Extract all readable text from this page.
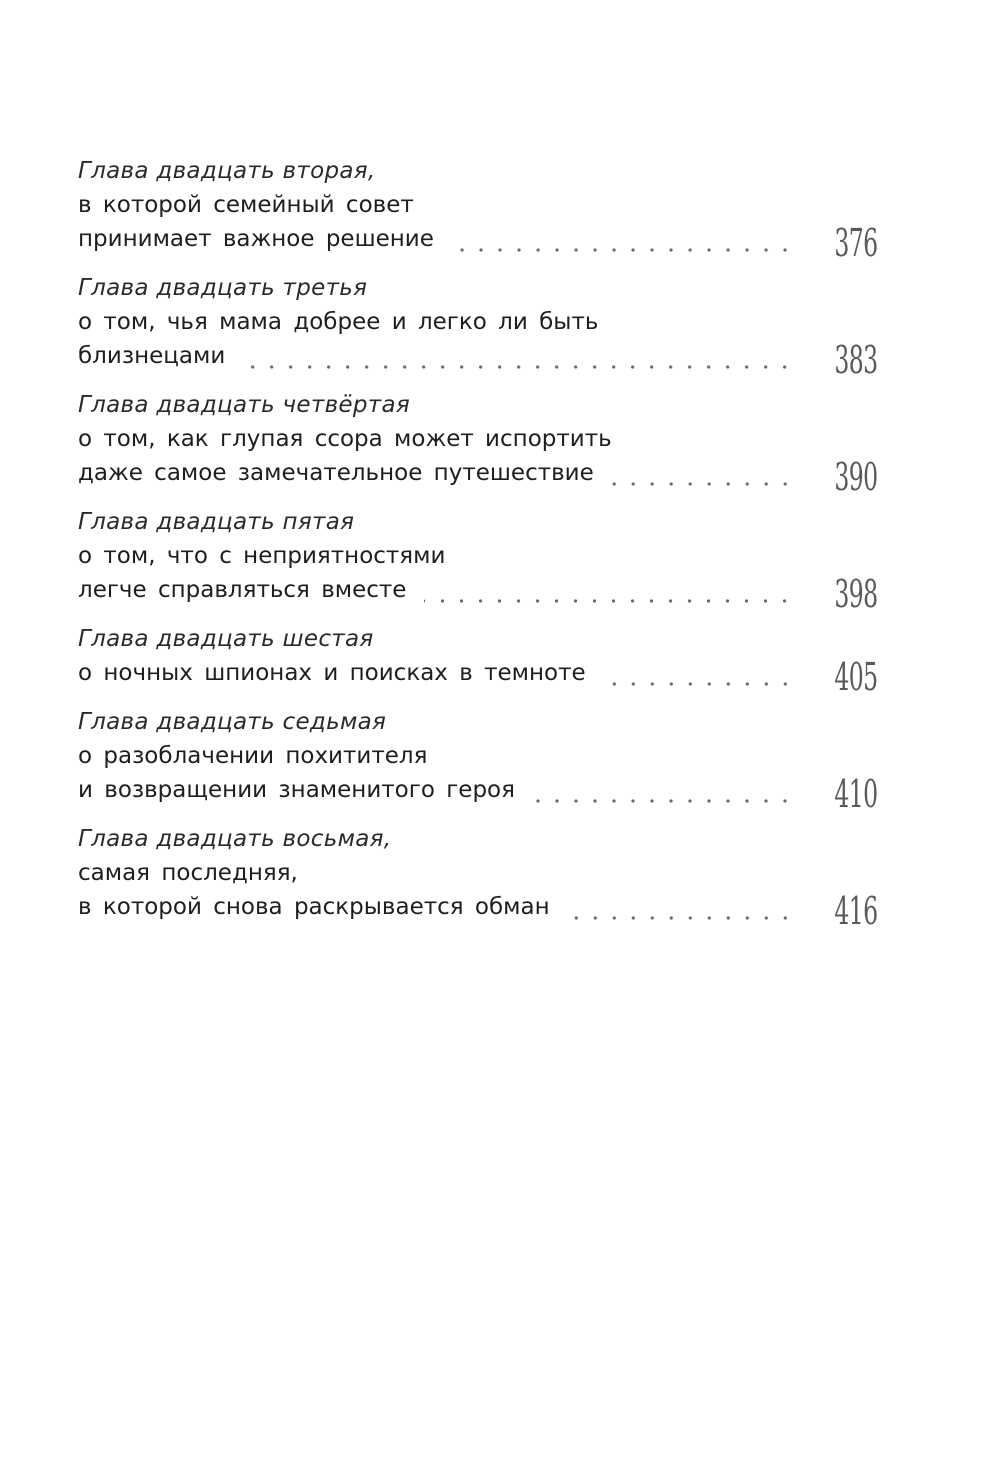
Глава двадцать вторая,
в которой семейный совет
принимает важное решение	376
Глава двадцать третья
о том, чья мама добрее и легко ли быть
близнецами	383
Глава двадцать четвёртая
о том, как глупая ссора может испортить
даже самое замечательное путешествие	390
Глава двадцать пятая
о том, что с неприятностями
легче справляться вместе	398
Глава двадцать шестая
о ночных шпионах и поисках в темноте	405
Глава двадцать седьмая
о разоблачении похитителя
и возвращении знаменитого героя	410
Глава двадцать восьмая,
самая последняя,
в которой снова раскрывается обман	416
